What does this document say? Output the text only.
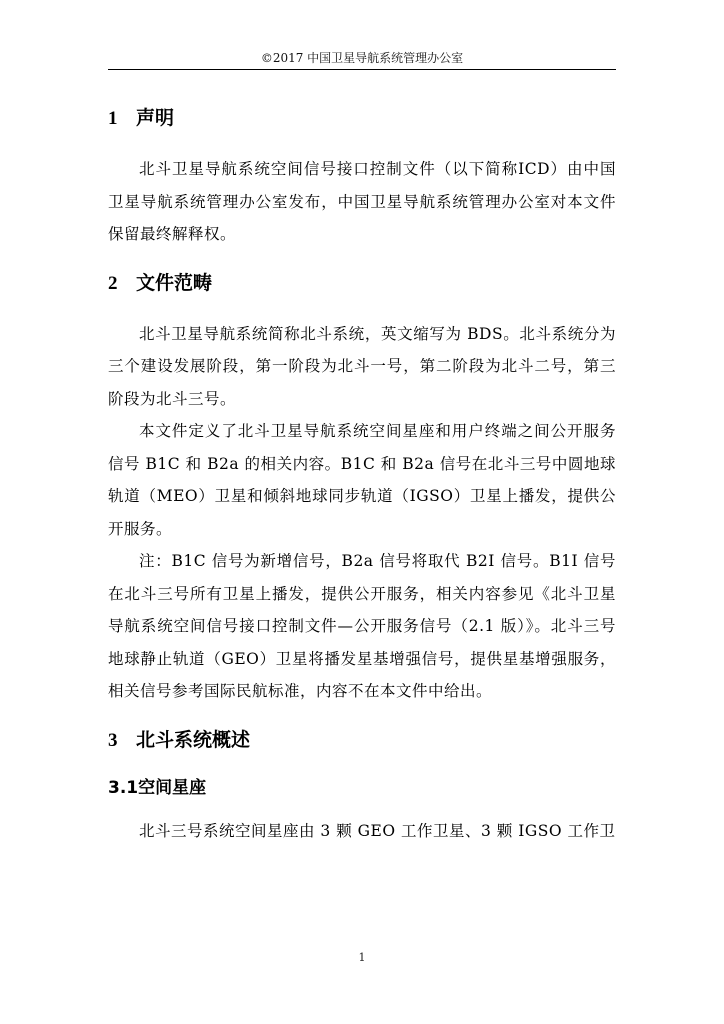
©2017 中国卫星导航系统管理办公室
1 声明

北斗卫星导航系统空间信号接口控制文件（以下简称ICD）由中国卫星导航系统管理办公室发布，中国卫星导航系统管理办公室对本文件保留最终解释权。

2 文件范畴

北斗卫星导航系统简称北斗系统，英文缩写为 BDS。北斗系统分为三个建设发展阶段，第一阶段为北斗一号，第二阶段为北斗二号，第三阶段为北斗三号。

本文件定义了北斗卫星导航系统空间星座和用户终端之间公开服务信号 B1C 和 B2a 的相关内容。B1C 和 B2a 信号在北斗三号中圆地球轨道（MEO）卫星和倾斜地球同步轨道（IGSO）卫星上播发，提供公开服务。

注：B1C 信号为新增信号，B2a 信号将取代 B2I 信号。B1I 信号在北斗三号所有卫星上播发，提供公开服务，相关内容参见《北斗卫星导航系统空间信号接口控制文件—公开服务信号（2.1 版）》。北斗三号地球静止轨道（GEO）卫星将播发星基增强信号，提供星基增强服务，相关信号参考国际民航标准，内容不在本文件中给出。

3 北斗系统概述
3.1空间星座

北斗三号系统空间星座由 3 颗 GEO 工作卫星、3 颗 IGSO 工作卫

1
